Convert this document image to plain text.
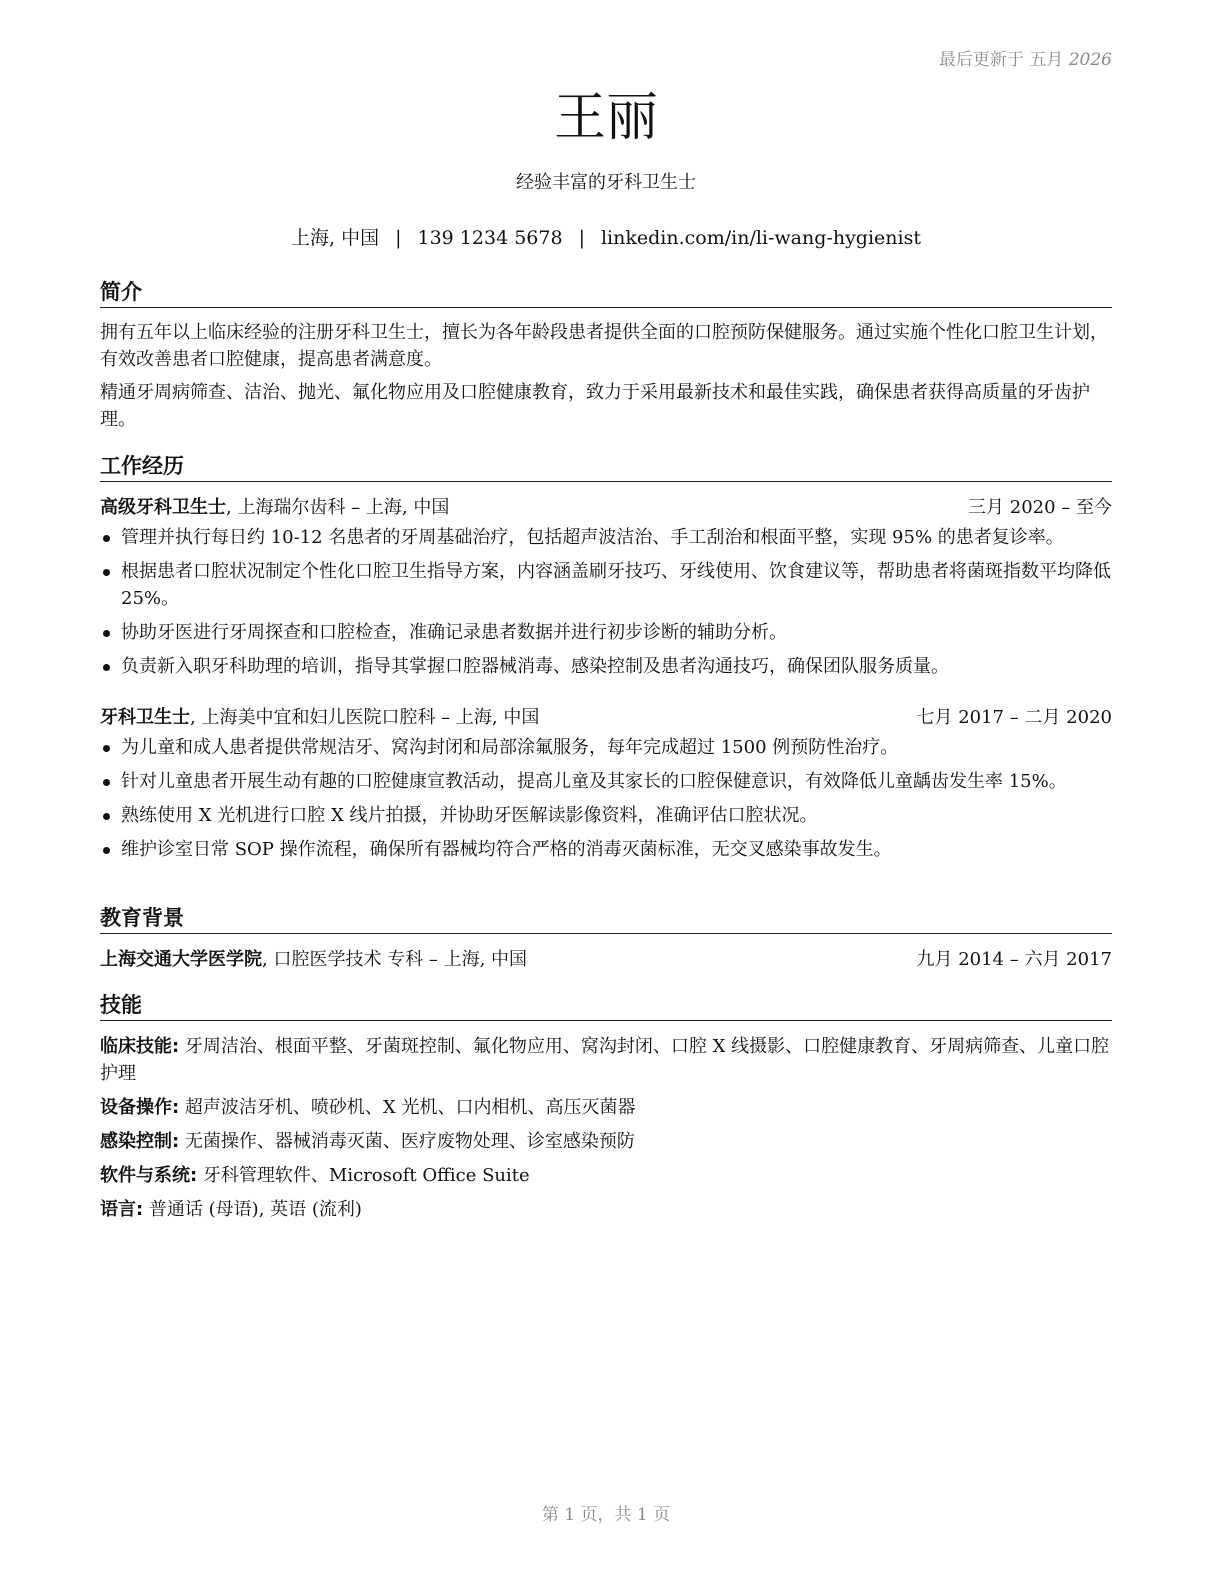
最后更新于 五月 2026
王丽
经验丰富的牙科卫生士
上海, 中国 | 139 1234 5678 | linkedin.com/in/li-wang-hygienist
简介

拥有五年以上临床经验的注册牙科卫生士，擅长为各年龄段患者提供全面的口腔预防保健服务。通过实施个性化口腔卫生计划，有效改善患者口腔健康，提高患者满意度。

精通牙周病筛查、洁治、抛光、氟化物应用及口腔健康教育，致力于采用最新技术和最佳实践，确保患者获得高质量的牙齿护理。

工作经历
高级牙科卫生士, 上海瑞尔齿科 – 上海, 中国	三月 2020 – 至今
管理并执行每日约 10-12 名患者的牙周基础治疗，包括超声波洁治、手工刮治和根面平整，实现 95% 的患者复诊率。
根据患者口腔状况制定个性化口腔卫生指导方案，内容涵盖刷牙技巧、牙线使用、饮食建议等，帮助患者将菌斑指数平均降低 25%。
协助牙医进行牙周探查和口腔检查，准确记录患者数据并进行初步诊断的辅助分析。
负责新入职牙科助理的培训，指导其掌握口腔器械消毒、感染控制及患者沟通技巧，确保团队服务质量。
牙科卫生士, 上海美中宜和妇儿医院口腔科 – 上海, 中国	七月 2017 – 二月 2020
为儿童和成人患者提供常规洁牙、窝沟封闭和局部涂氟服务，每年完成超过 1500 例预防性治疗。
针对儿童患者开展生动有趣的口腔健康宣教活动，提高儿童及其家长的口腔保健意识，有效降低儿童龋齿发生率 15%。
熟练使用 X 光机进行口腔 X 线片拍摄，并协助牙医解读影像资料，准确评估口腔状况。
维护诊室日常 SOP 操作流程，确保所有器械均符合严格的消毒灭菌标准，无交叉感染事故发生。
教育背景
上海交通大学医学院, 口腔医学技术 专科 – 上海, 中国	九月 2014 – 六月 2017
技能
临床技能: 牙周洁治、根面平整、牙菌斑控制、氟化物应用、窝沟封闭、口腔 X 线摄影、口腔健康教育、牙周病筛查、儿童口腔护理
设备操作: 超声波洁牙机、喷砂机、X 光机、口内相机、高压灭菌器
感染控制: 无菌操作、器械消毒灭菌、医疗废物处理、诊室感染预防
软件与系统: 牙科管理软件、Microsoft Office Suite
语言: 普通话 (母语), 英语 (流利)
第 1 页，共 1 页
